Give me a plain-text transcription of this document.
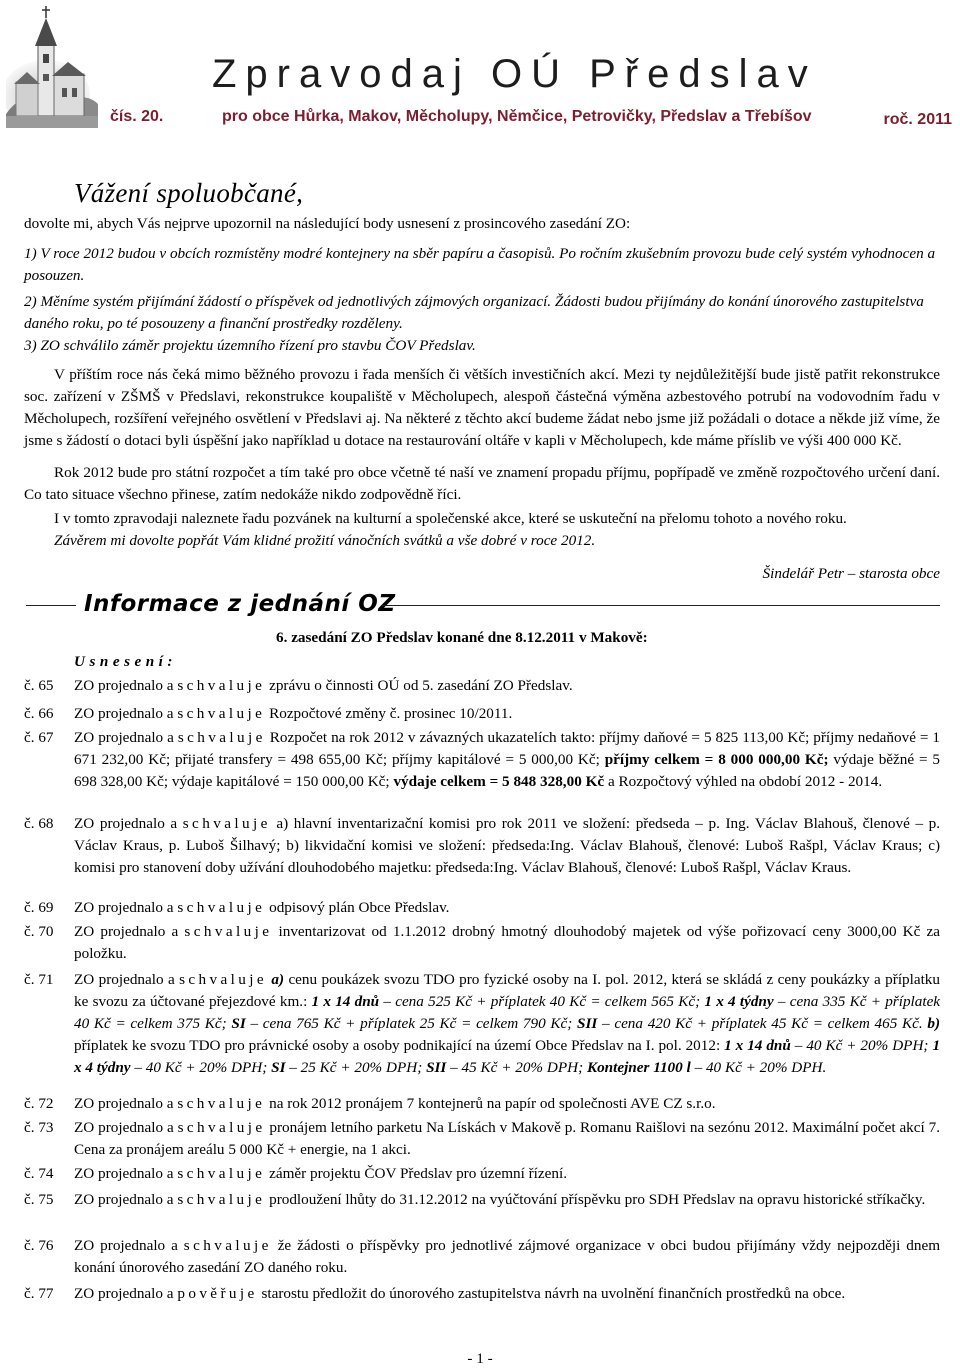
Zpravodaj OÚ Předslav
čís. 20.	pro obce Hůrka, Makov, Měcholupy, Němčice, Petrovičky, Předslav a Třebíšov	roč. 2011
Vážení spoluobčané,
dovolte mi, abych Vás nejprve upozornil na následující body usnesení z prosincového zasedání ZO:
1) V roce 2012 budou v obcích rozmístěny modré kontejnery na sběr papíru a časopisů. Po ročním zkušebním provozu bude celý systém vyhodnocen a posouzen.
2) Měníme systém přijímání žádostí o příspěvek od jednotlivých zájmových organizací. Žádosti budou přijímány do konání únorového zastupitelstva daného roku, po té posouzeny a finanční prostředky rozděleny.
3) ZO schválilo záměr projektu územního řízení pro stavbu ČOV Předslav.
V příštím roce nás čeká mimo běžného provozu i řada menších či větších investičních akcí. Mezi ty nejdůležitější bude jistě patřit rekonstrukce soc. zařízení v ZŠMŠ v Předslavi, rekonstrukce koupaliště v Měcholupech, alespoň částečná výměna azbestového potrubí na vodovodním řadu v Měcholupech, rozšíření veřejného osvětlení v Předslavi aj. Na některé z těchto akcí budeme žádat nebo jsme již požádali o dotace a někde již víme, že jsme s žádostí o dotaci byli úspěšní jako například u dotace na restaurování oltáře v kapli v Měcholupech, kde máme příslib ve výši 400 000 Kč.
Rok 2012 bude pro státní rozpočet a tím také pro obce včetně té naší ve znamení propadu příjmu, popřípadě ve změně rozpočtového určení daní. Co tato situace všechno přinese, zatím nedokáže nikdo zodpovědně říci.
I v tomto zpravodaji naleznete řadu pozvánek na kulturní a společenské akce, které se uskuteční na přelomu tohoto a nového roku.
Závěrem mi dovolte popřát Vám klidné prožití vánočních svátků a vše dobré v roce 2012.
Šindelář Petr – starosta obce
Informace z jednání OZ
6. zasedání ZO Předslav konané dne 8.12.2011 v Makově:
Usnesení:
č. 65	ZO projednalo a schvaluje zprávu o činnosti OÚ od 5. zasedání ZO Předslav.
č. 66	ZO projednalo a schvaluje Rozpočtové změny č. prosinec 10/2011.
č. 67	ZO projednalo a schvaluje Rozpočet na rok 2012 v závazných ukazatelích takto: příjmy daňové = 5 825 113,00 Kč; příjmy nedaňové = 1 671 232,00 Kč; přijaté transfery = 498 655,00 Kč; příjmy kapitálové = 5 000,00 Kč; příjmy celkem = 8 000 000,00 Kč; výdaje běžné = 5 698 328,00 Kč; výdaje kapitálové = 150 000,00 Kč; výdaje celkem = 5 848 328,00 Kč a Rozpočtový výhled na období 2012 - 2014.
č. 68	ZO projednalo a schvaluje a) hlavní inventarizační komisi pro rok 2011 ve složení: předseda – p. Ing. Václav Blahouš, členové – p. Václav Kraus, p. Luboš Šilhavý; b) likvidační komisi ve složení: předseda:Ing. Václav Blahouš, členové: Luboš Rašpl, Václav Kraus; c) komisi pro stanovení doby užívání dlouhodobého majetku: předseda:Ing. Václav Blahouš, členové: Luboš Rašpl, Václav Kraus.
č. 69	ZO projednalo a schvaluje odpisový plán Obce Předslav.
č. 70	ZO projednalo a schvaluje inventarizovat od 1.1.2012 drobný hmotný dlouhodobý majetek od výše pořizovací ceny 3000,00 Kč za položku.
č. 71	ZO projednalo a schvaluje a) cenu poukázek svozu TDO pro fyzické osoby na I. pol. 2012, která se skládá z ceny poukázky a příplatku ke svozu za účtované přejezdové km.: 1 x 14 dnů – cena 525 Kč + příplatek 40 Kč = celkem 565 Kč; 1 x 4 týdny – cena 335 Kč + příplatek 40 Kč = celkem 375 Kč; SI – cena 765 Kč + příplatek 25 Kč = celkem 790 Kč; SII – cena 420 Kč + příplatek 45 Kč = celkem 465 Kč. b) příplatek ke svozu TDO pro právnické osoby a osoby podnikající na území Obce Předslav na I. pol. 2012: 1 x 14 dnů – 40 Kč + 20% DPH; 1 x 4 týdny – 40 Kč + 20% DPH; SI – 25 Kč + 20% DPH; SII – 45 Kč + 20% DPH; Kontejner 1100 l – 40 Kč + 20% DPH.
č. 72	ZO projednalo a schvaluje na rok 2012 pronájem 7 kontejnerů na papír od společnosti AVE CZ s.r.o.
č. 73	ZO projednalo a schvaluje pronájem letního parketu Na Lískách v Makově p. Romanu Raišlovi na sezónu 2012. Maximální počet akcí 7. Cena za pronájem areálu 5 000 Kč + energie, na 1 akci.
č. 74	ZO projednalo a schvaluje záměr projektu ČOV Předslav pro územní řízení.
č. 75	ZO projednalo a schvaluje prodloužení lhůty do 31.12.2012 na vyúčtování příspěvku pro SDH Předslav na opravu historické stříkačky.
č. 76	ZO projednalo a schvaluje že žádosti o příspěvky pro jednotlivé zájmové organizace v obci budou přijímány vždy nejpozději dnem konání únorového zasedání ZO daného roku.
č. 77	ZO projednalo a pověřuje starostu předložit do únorového zastupitelstva návrh na uvolnění finančních prostředků na obce.
- 1 -
